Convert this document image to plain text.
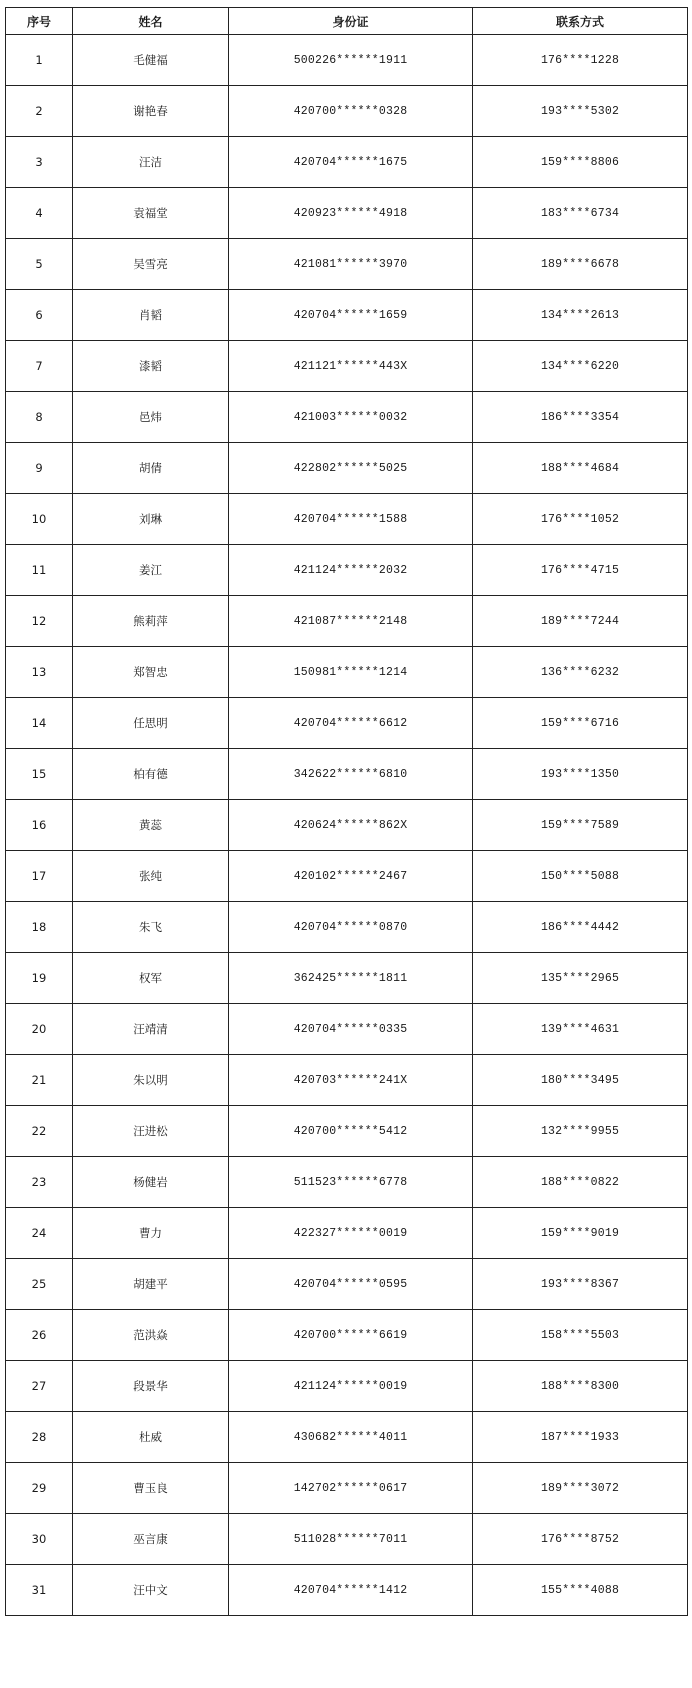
序号	姓名	身份证	联系方式
1	毛健福	500226******1911	176****1228
2	谢艳春	420700******0328	193****5302
3	汪洁	420704******1675	159****8806
4	袁福堂	420923******4918	183****6734
5	吴雪亮	421081******3970	189****6678
6	肖韬	420704******1659	134****2613
7	漆韬	421121******443X	134****6220
8	邑炜	421003******0032	186****3354
9	胡倩	422802******5025	188****4684
10	刘琳	420704******1588	176****1052
11	姜江	421124******2032	176****4715
12	熊莉萍	421087******2148	189****7244
13	郑智忠	150981******1214	136****6232
14	任思明	420704******6612	159****6716
15	柏有德	342622******6810	193****1350
16	黄蕊	420624******862X	159****7589
17	张纯	420102******2467	150****5088
18	朱飞	420704******0870	186****4442
19	权军	362425******1811	135****2965
20	汪靖清	420704******0335	139****4631
21	朱以明	420703******241X	180****3495
22	汪进松	420700******5412	132****9955
23	杨健岩	511523******6778	188****0822
24	曹力	422327******0019	159****9019
25	胡建平	420704******0595	193****8367
26	范洪焱	420700******6619	158****5503
27	段景华	421124******0019	188****8300
28	杜威	430682******4011	187****1933
29	曹玉良	142702******0617	189****3072
30	巫言康	511028******7011	176****8752
31	汪中文	420704******1412	155****4088
